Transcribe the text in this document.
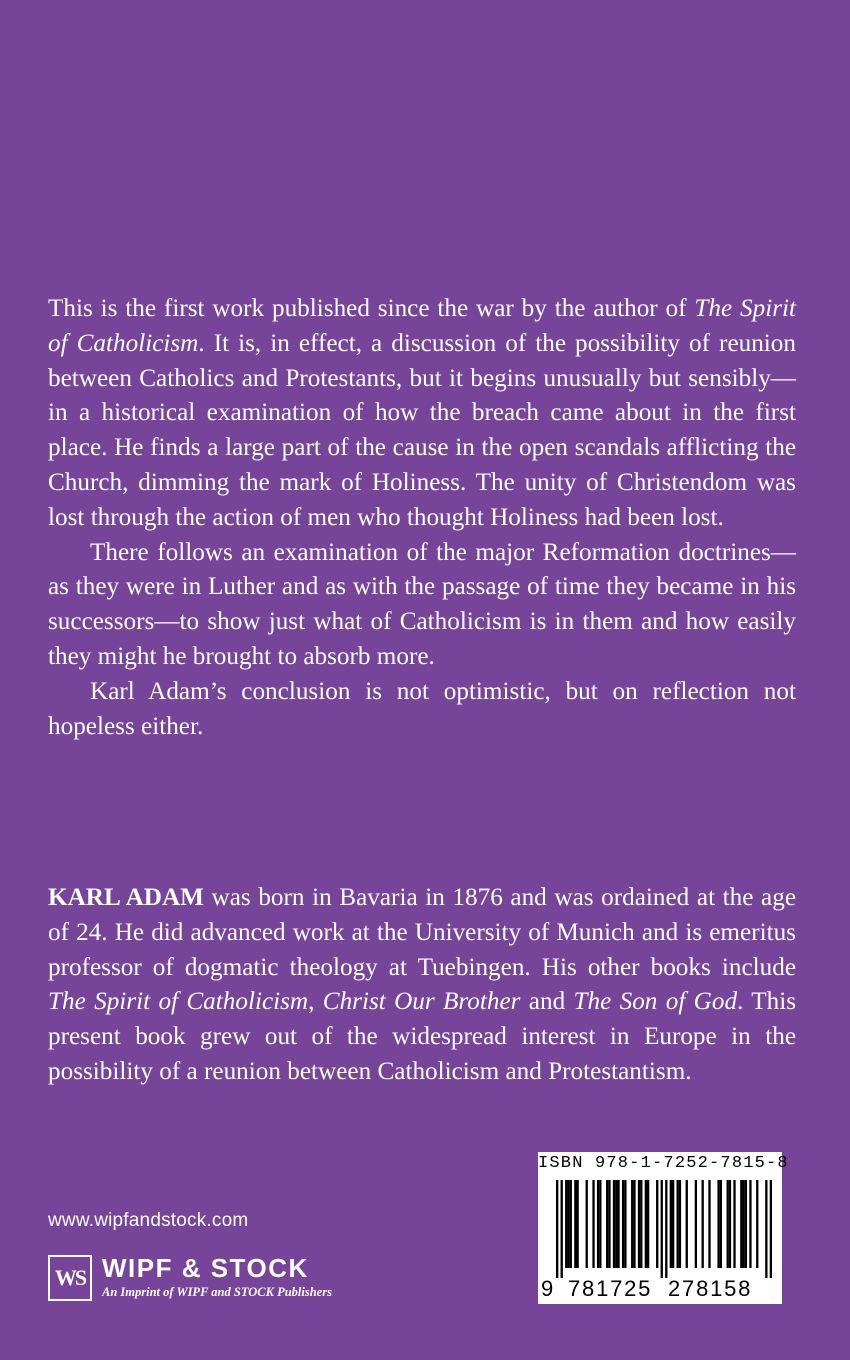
This is the first work published since the war by the author of The Spirit of Catholicism. It is, in effect, a discussion of the possibility of reunion between Catholics and Protestants, but it begins unusually but sensibly—in a historical examination of how the breach came about in the first place. He finds a large part of the cause in the open scandals afflicting the Church, dimming the mark of Holiness. The unity of Christendom was lost through the action of men who thought Holiness had been lost.

There follows an examination of the major Reformation doctrines—as they were in Luther and as with the passage of time they became in his successors—to show just what of Catholicism is in them and how easily they might he brought to absorb more.

Karl Adam’s conclusion is not optimistic, but on reflection not hopeless either.

KARL ADAM was born in Bavaria in 1876 and was ordained at the age of 24. He did advanced work at the University of Munich and is emeritus professor of dogmatic theology at Tuebingen. His other books include The Spirit of Catholicism, Christ Our Brother and The Son of God. This present book grew out of the widespread interest in Europe in the possibility of a reunion between Catholicism and Protestantism.

www.wipfandstock.com
WS WIPF & STOCK
An Imprint of WIPF and STOCK Publishers
ISBN 978-1-7252-7815-8
9 781725 278158
